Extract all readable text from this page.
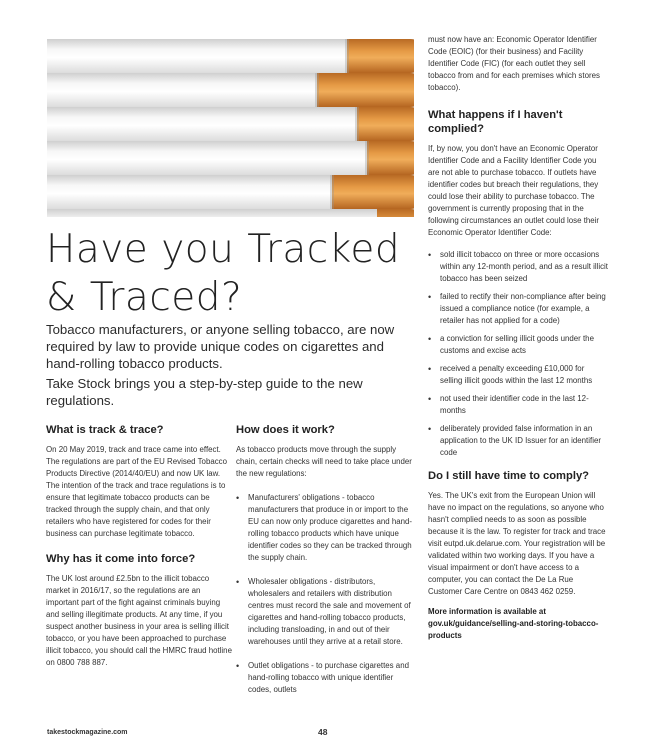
Have you Tracked
& Traced?

Tobacco manufacturers, or anyone selling tobacco, are now required by law to provide unique codes on cigarettes and hand-rolling tobacco products.

Take Stock brings you a step-by-step guide to the new regulations.

What is track & trace?

On 20 May 2019, track and trace came into effect. The regulations are part of the EU Revised Tobacco Products Directive (2014/40/EU) and now UK law. The intention of the track and trace regulations is to ensure that legitimate tobacco products can be tracked through the supply chain, and that only retailers who have registered for codes for their business can purchase legitimate tobacco.

Why has it come into force?

The UK lost around £2.5bn to the illicit tobacco market in 2016/17, so the regulations are an important part of the fight against criminals buying and selling illegitimate products. At any time, if you suspect another business in your area is selling illicit tobacco, or you have been approached to purchase illicit tobacco, you should call the HMRC fraud hotline on 0800 788 887.

How does it work?

As tobacco products move through the supply chain, certain checks will need to take place under the new regulations:

• Manufacturers' obligations - tobacco manufacturers that produce in or import to the EU can now only produce cigarettes and hand-rolling tobacco products which have unique identifier codes so they can be tracked through the supply chain.
• Wholesaler obligations - distributors, wholesalers and retailers with distribution centres must record the sale and movement of cigarettes and hand-rolling tobacco products, including transloading, in and out of their warehouses until they arrive at a retail store.
• Outlet obligations - to purchase cigarettes and hand-rolling tobacco with unique identifier codes, outlets

must now have an: Economic Operator Identifier Code (EOIC) (for their business) and Facility Identifier Code (FIC) (for each outlet they sell tobacco from and for each premises which stores tobacco).

What happens if I haven't complied?

If, by now, you don't have an Economic Operator Identifier Code and a Facility Identifier Code you are not able to purchase tobacco. If outlets have identifier codes but breach their regulations, they could lose their ability to purchase tobacco. The government is currently proposing that in the following circumstances an outlet could lose their Economic Operator Identifier Code:

• sold illicit tobacco on three or more occasions within any 12-month period, and as a result illicit tobacco has been seized
• failed to rectify their non-compliance after being issued a compliance notice (for example, a retailer has not applied for a code)
• a conviction for selling illicit goods under the customs and excise acts
• received a penalty exceeding £10,000 for selling illicit goods within the last 12 months
• not used their identifier code in the last 12-months
• deliberately provided false information in an application to the UK ID Issuer for an identifier code
Do I still have time to comply?

Yes. The UK's exit from the European Union will have no impact on the regulations, so anyone who hasn't complied needs to as soon as possible because it is the law. To register for track and trace visit eutpd.uk.delarue.com. Your registration will be validated within two working days. If you have a visual impairment or don't have access to a computer, you can contact the De La Rue Customer Care Centre on 0843 462 0259.

More information is available at gov.uk/guidance/selling-and-storing-tobacco-products

takestockmagazine.com	48
